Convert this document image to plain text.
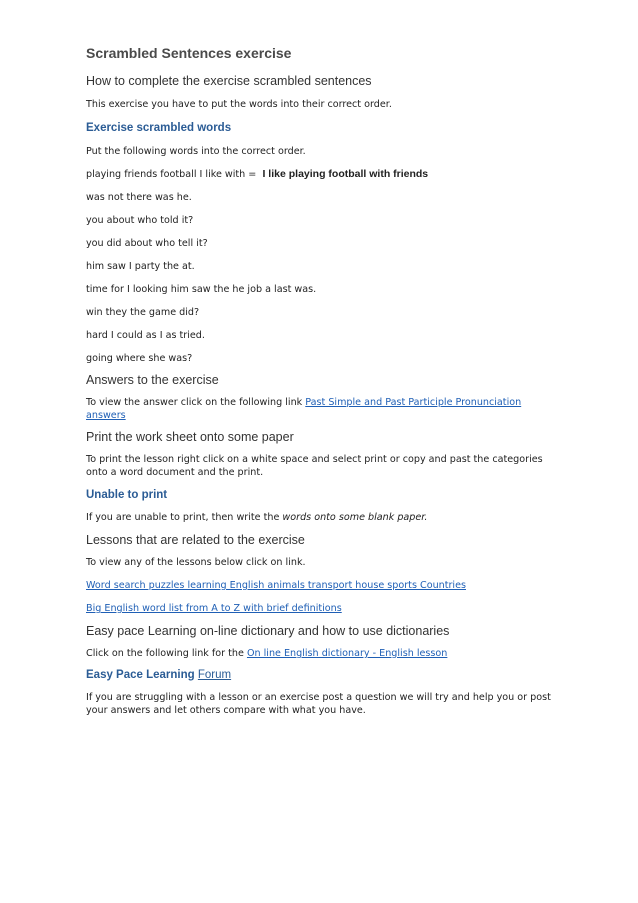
Scrambled Sentences exercise
How to complete the exercise scrambled sentences
This exercise you have to put the words into their correct order.
Exercise scrambled words
Put the following words into the correct order.
playing friends football I like with = I like playing football with friends
was not there was he.
you about who told it?
you did about who tell it?
him saw I party the at.
time for I looking him saw the he job a last was.
win they the game did?
hard I could as I as tried.
going where she was?
Answers to the exercise
To view the answer click on the following link Past Simple and Past Participle Pronunciation answers
Print the work sheet onto some paper
To print the lesson right click on a white space and select print or copy and past the categories onto a word document and the print.
Unable to print
If you are unable to print, then write the words onto some blank paper.
Lessons that are related to the exercise
To view any of the lessons below click on link.
Word search puzzles learning English animals transport house sports Countries
Big English word list from A to Z with brief definitions
Easy pace Learning on-line dictionary and how to use dictionaries
Click on the following link for the On line English dictionary - English lesson
Easy Pace Learning Forum
If you are struggling with a lesson or an exercise post a question we will try and help you or post your answers and let others compare with what you have.
